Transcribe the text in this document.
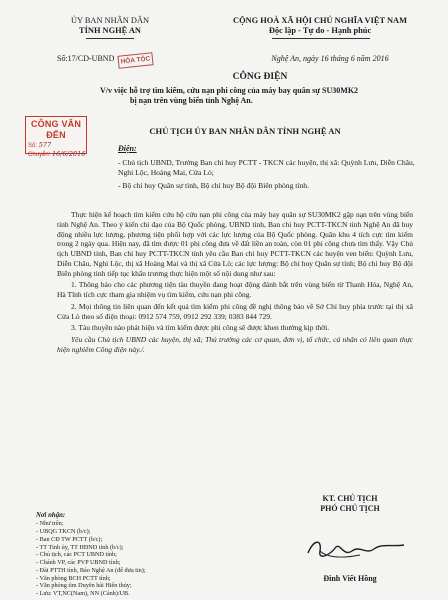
ỦY BAN NHÂN DÂN
TỈNH NGHỆ AN
CỘNG HOÀ XÃ HỘI CHỦ NGHĨA VIỆT NAM
Độc lập - Tự do - Hạnh phúc
Số:17/CD-UBND HỎA TỐC	Nghệ An, ngày 16 tháng 6 năm 2016
CÔNG ĐIỆN
V/v việc hỗ trợ tìm kiếm, cứu nạn phi công của máy bay quân sự SU30MK2
bị nạn trên vùng biển tỉnh Nghệ An.
CÔNG VĂN ĐẾN
Số: 577
Chuyển: 16/6/2016
CHỦ TỊCH ỦY BAN NHÂN DÂN TỈNH NGHỆ AN
Điện:
- Chủ tịch UBND, Trưởng Ban chỉ huy PCTT - TKCN các huyện, thị xã: Quỳnh Lưu, Diễn Châu, Nghi Lộc, Hoàng Mai, Cửa Lò;
- Bộ chỉ huy Quân sự tỉnh, Bộ chỉ huy Bộ đội Biên phòng tỉnh.

Thực hiện kế hoạch tìm kiếm cứu hộ cứu nạn phi công của máy bay quân sự SU30MK2 gặp nạn trên vùng biển tỉnh Nghệ An. Theo ý kiến chỉ đạo của Bộ Quốc phòng, UBND tỉnh, Ban chỉ huy PCTT-TKCN tỉnh Nghệ An đã huy động nhiều lực lượng, phương tiện phối hợp với các lực lượng của Bộ Quốc phòng. Quân khu 4 tích cực tìm kiếm trong 2 ngày qua. Hiện nay, đã tìm được 01 phi công đưa về đất liền an toàn, còn 01 phi công chưa tìm thấy. Vậy Chủ tịch UBND tỉnh, Ban chỉ huy PCTT-TKCN tỉnh yêu cầu Ban chỉ huy PCTT-TKCN các huyện ven biển: Quỳnh Lưu, Diễn Châu, Nghi Lộc, thị xã Hoàng Mai và thị xã Cửa Lò; các lực lượng: Bộ chỉ huy Quân sự tỉnh; Bộ chỉ huy Bộ đội Biên phòng tỉnh tiếp tục khẩn trương thực hiện một số nội dung như sau:

1. Thông báo cho các phương tiện tàu thuyền đang hoạt động đánh bắt trên vùng biển từ Thanh Hóa, Nghệ An, Hà Tĩnh tích cực tham gia nhiệm vụ tìm kiếm, cứu nạn phi công.

2. Mọi thông tin liên quan đến kết quả tìm kiếm phi công đề nghị thông báo về Sở Chỉ huy phía trước tại thị xã Cửa Lò theo số điện thoại: 0912 574 759, 0912 292 339; 0383 844 729.

3. Tàu thuyền nào phát hiện và tìm kiếm được phi công sẽ được khen thưởng kịp thời.

Yêu cầu Chủ tịch UBND các huyện, thị xã; Thủ trưởng các cơ quan, đơn vị, tổ chức, cá nhân có liên quan thực hiện nghiêm Công điện này./.

Nơi nhận:
- Như trên;
- UBQG TKCN (b/c);
- Ban CĐ TW PCTT (b/c);
- TT Tỉnh ủy, TT HĐND tỉnh (b/c);
- Chủ tịch, các PCT UBND tỉnh;
- Chánh VP, các PVP UBND tỉnh;
- Đài PTTH tỉnh, Báo Nghệ An (để đưa tin);
- Văn phòng BCH PCTT tỉnh;
- Văn phòng tìm Duyên hải Hiên thủy;
- Lưu: VT,NC(Nam), NN (Cảnh)/UB.
KT. CHỦ TỊCH
PHÓ CHỦ TỊCH
Đinh Viết Hồng
